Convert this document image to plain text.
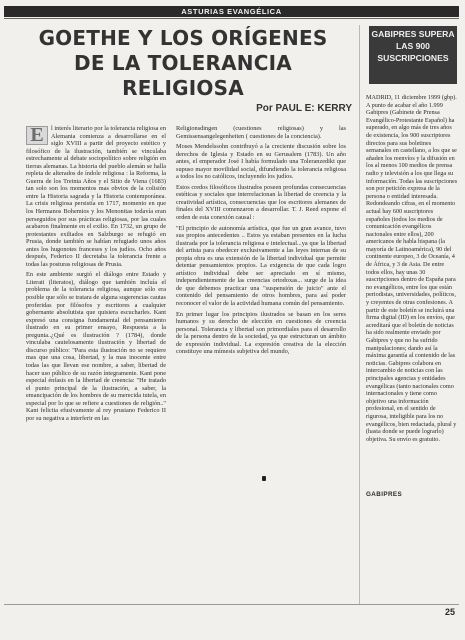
ASTURIAS EVANGÉLICA
GOETHE Y LOS ORÍGENES
DE LA TOLERANCIA
RELIGIOSA
Por PAUL E: KERRY

E	l interés literario por la tolerancia religiosa en Alemania comienza a desarrollarse en el siglo XVIII a partir del proyecto estético y filosófico de la ilustración, también se vinculaba estrechamente al debate sociopolítico sobre religión en tierras alemanas. La historia del pueblo alemán se halla repleta de alterados de índole religiosa : la Reforma, la Guerra de los Treinta Años y el Sitio de Viena (1683) tan solo son los momentos mas obvios de la colisión entre la Historia sagrada y la Historia contemporánea. La crisis religiosa persistía en 1717, momento en que los Hermanos Bohemios y los Menonitas todavía eran perseguidos por sus prácticas religiosas, por las cuales acabaron finalmente en el exilio. En 1732, un grupo de protestantes exiliados en Salzburgo se refugió en Prusia, donde también se habían refugiado unos años antes los hugonotes franceses y los judíos. Ocho años después, Federico II decretaba la tolerancia frente a todas las posturas religiosas de Prusia.

En este ambiente surgió el diálogo entre Estado y Literati (literatos), diálogo que también incluía el problema de la tolerancia religiosa, aunque sólo era posible que sólo se tratara de alguna sugerencias cautas proferidas por filósofos y escritores a cualquier gobernante absolutista que quisiera escucharles. Kant expresó una consigna fundamental del pensamiento ilustrado en su primer ensayo, Respuesta a la pregunta..¿Qué es ilustración ? (1784), donde vinculaba cautelosamente ilustración y libertad de discurso público: "Para esta ilustración no se requiere mas que una cosa, libertad, y la mas inocente entre todas las que llevan ese nombre, a saber, libertad de hacer uso público de su razón íntegramente. Kant pone especial énfasis en la libertad de creencia: "He tratado el punto principal de la ilustración, a saber, la emancipación de los hombres de su merecida tutela, en especial por lo que se refiere a cuestiones de religión.." Kant felicita efusivamente al rey prusiano Federico II por su negativa a interferir en las

Religionsdingen (cuestiones religiosas) y las Gemissensangelegenheiten ( cuestiones de la conciencia).

Moses Mendelssohn contribuyó a la creciente discusión sobre los derechos de Iglesia y Estado en su Gerusalem (1783). Un año antes, el emperador José I había formulado una Toleranzedikt que supuso mayor movilidad social, difundiendo la tolerancia religiosa a todos los no católicos, incluyendo los judíos.

Estos credos filosóficos ilustrados poseen profundas consecuencias estéticas y sociales que interrelacionan la libertad de creencia y la creatividad artística, consecuencias que los escritores alemanes de finales del XVIII comenzaron a desarrollar. T. J. Reed expone el orden de esta conexión causal :

"El principio de autonomía artística, que fue un gran avance, tuvo sus propios antecedentes .. Estos ya estaban presentes en la lucha ilustrada por la tolerancia religiosa e intelectual...ya que la libertad del artista para obedecer exclusivamente a las leyes internas de su propia obra es una extensión de la libertad individual que permite detentar pensamientos propios. La exigencia de que cada logro artístico individual debe ser apreciado en sí mismo, independientemente de las creencias ortodoxas... surge de la idea de que debemos practicar una "suspensión de juicio" ante el contenido del pensamiento de otros hombres, para así poder reconocer el valor de la actividad humana común del pensamiento.

En primer lugar los principios ilustrados se basan en los seres humanos y su derecho de elección en cuestiones de creencia personal. Tolerancia y libertad son primordiales para el desarrollo de la persona dentro de la sociedad, ya que estructuran un ámbito de expresión individual. La expresión creativa de la elección constituye una mímesis subjetiva del mundo,

GABIPRES SUPERA
LAS 900
SUSCRIPCIONES
MADRID, 11 diciembre 1999 (gbp). A punto de acabar el año 1.999 Gabipres (Gabinete de Prensa Evangélico-Protestante Español) ha superado, en algo más de tres años de existencia, los 900 suscriptores directos para sus boletines semanales en castellano, a los que se añaden los reenvíos y la difusión en los al menos 100 medios de prensa radio y televisión a los que llega su información. Todas las suscripciones son por petición expresa de la persona o entidad interesada. Redondeando cifras, en el momento actual hay 600 suscriptores españoles (todos los medios de comunicación evangélicos nacionales entre ellos), 200 americanos de habla hispana (la mayoría de Latinoamérica), 90 del continente europeo, 3 de Oceanía, 4 de África, y 3 de Asia. De entre todos ellos, hay unas 30 suscripciones dentro de España para no evangélicos, entre los que están periodistas, universidades, políticos, y creyentes de otras confesiones. A partir de este boletín se incluirá una firma digital (ID) en los envíos, que acreditará que el boletín de noticias ha sido realmente enviado por Gabipres y que no ha sufrido manipulaciones; dando así la máxima garantía al contenido de las noticias. Gabipres colabora en intercambio de noticias con las principales agencias y entidades evangélicas (tanto nacionales como internacionales y tiene como objetivo una información profesional, en el sentido de rigurosa, inteligible para los no evangélicos, bien redactada, plural y (hasta donde se puede lograrlo) objetiva. Su envío es gratuito.
GABIPRES
25
